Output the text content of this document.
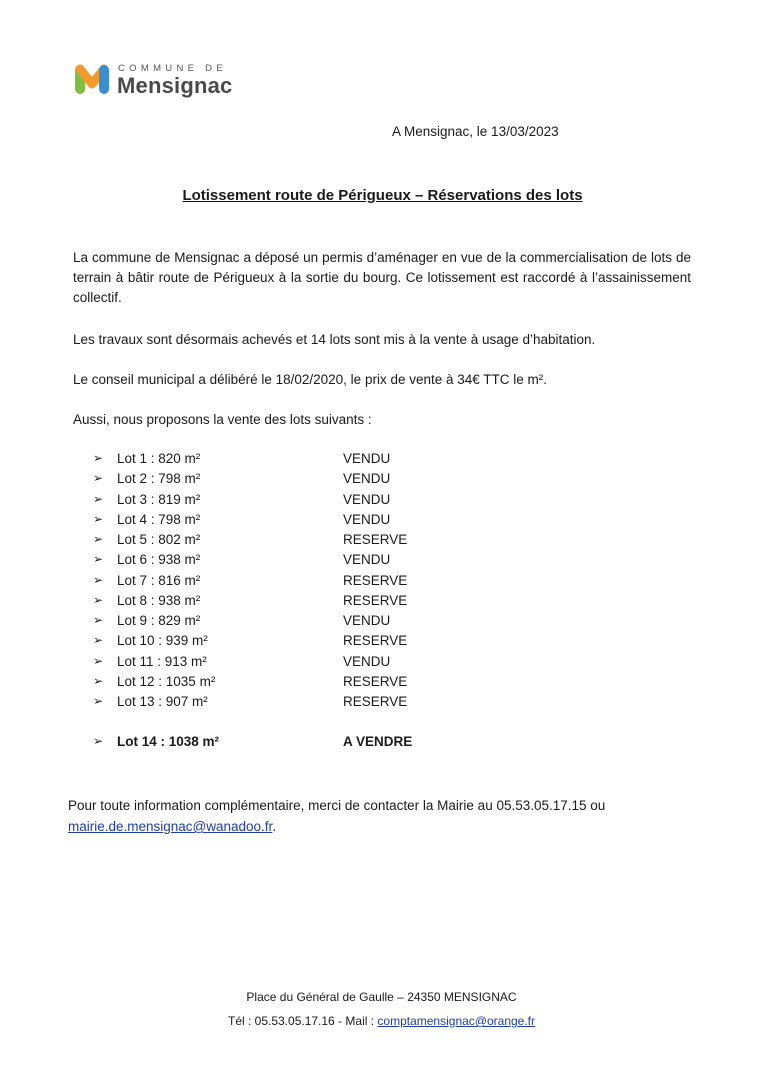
COMMUNE DE
Mensignac
A Mensignac, le 13/03/2023
Lotissement route de Périgueux – Réservations des lots
La commune de Mensignac a déposé un permis d’aménager en vue de la commercialisation de lots de terrain à bâtir route de Périgueux à la sortie du bourg. Ce lotissement est raccordé à l’assainissement collectif.
Les travaux sont désormais achevés et 14 lots sont mis à la vente à usage d’habitation.
Le conseil municipal a délibéré le 18/02/2020, le prix de vente à 34€ TTC le m².
Aussi, nous proposons la vente des lots suivants :
➢ Lot 1 : 820 m²	VENDU
➢ Lot 2 : 798 m²	VENDU
➢ Lot 3 : 819 m²	VENDU
➢ Lot 4 : 798 m²	VENDU
➢ Lot 5 : 802 m²	RESERVE
➢ Lot 6 : 938 m²	VENDU
➢ Lot 7 : 816 m²	RESERVE
➢ Lot 8 : 938 m²	RESERVE
➢ Lot 9 : 829 m²	VENDU
➢ Lot 10 : 939 m²	RESERVE
➢ Lot 11 : 913 m²	VENDU
➢ Lot 12 : 1035 m²	RESERVE
➢ Lot 13 : 907 m²	RESERVE
➢ Lot 14 : 1038 m²	A VENDRE
Pour toute information complémentaire, merci de contacter la Mairie au 05.53.05.17.15 ou
mairie.de.mensignac@wanadoo.fr.
Place du Général de Gaulle – 24350 MENSIGNAC
Tél : 05.53.05.17.16 - Mail : comptamensignac@orange.fr
